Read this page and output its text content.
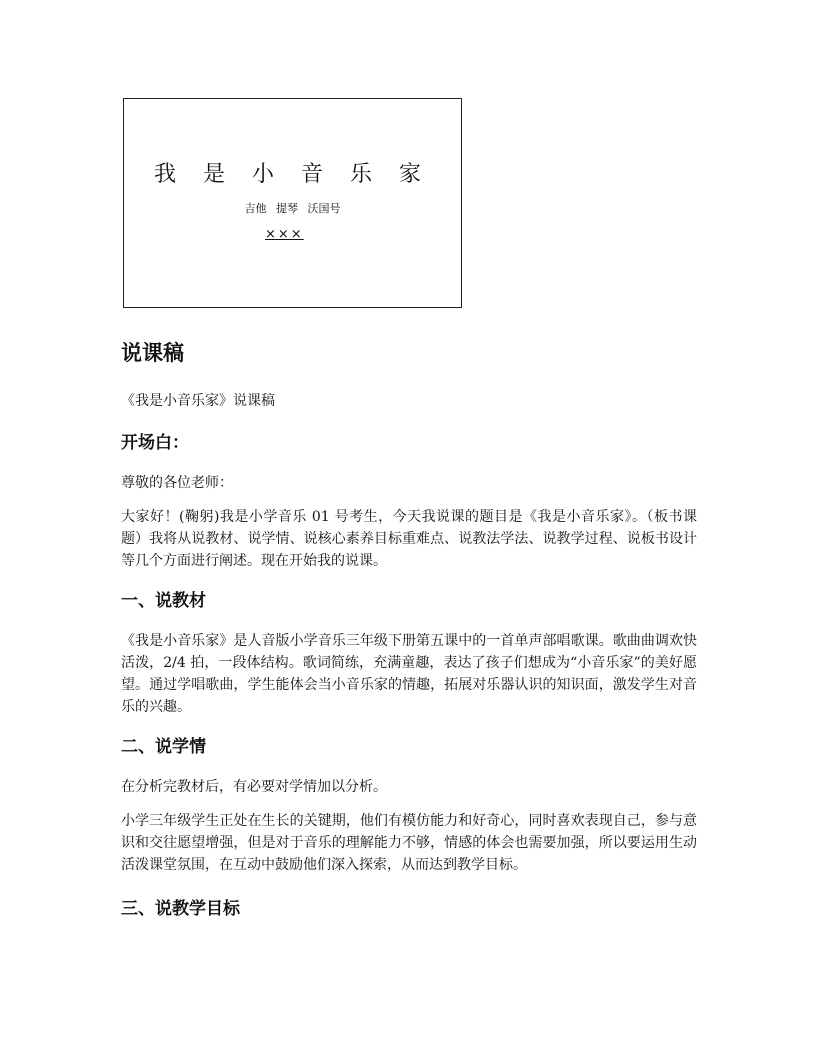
我 是 小 音 乐 家
吉他 提琴 沃国号
×××
说课稿

《我是小音乐家》说课稿

开场白：

尊敬的各位老师：

大家好！(鞠躬)我是小学音乐 01 号考生，今天我说课的题目是《我是小音乐家》。（板书课题）我将从说教材、说学情、说核心素养目标重难点、说教法学法、说教学过程、说板书设计等几个方面进行阐述。现在开始我的说课。

一、说教材

《我是小音乐家》是人音版小学音乐三年级下册第五课中的一首单声部唱歌课。歌曲曲调欢快活泼，2/4 拍，一段体结构。歌词简练，充满童趣，表达了孩子们想成为“小音乐家”的美好愿望。通过学唱歌曲，学生能体会当小音乐家的情趣，拓展对乐器认识的知识面，激发学生对音乐的兴趣。

二、说学情

在分析完教材后，有必要对学情加以分析。

小学三年级学生正处在生长的关键期，他们有模仿能力和好奇心，同时喜欢表现自己，参与意识和交往愿望增强，但是对于音乐的理解能力不够，情感的体会也需要加强，所以要运用生动活泼课堂氛围，在互动中鼓励他们深入探索，从而达到教学目标。

三、说教学目标
